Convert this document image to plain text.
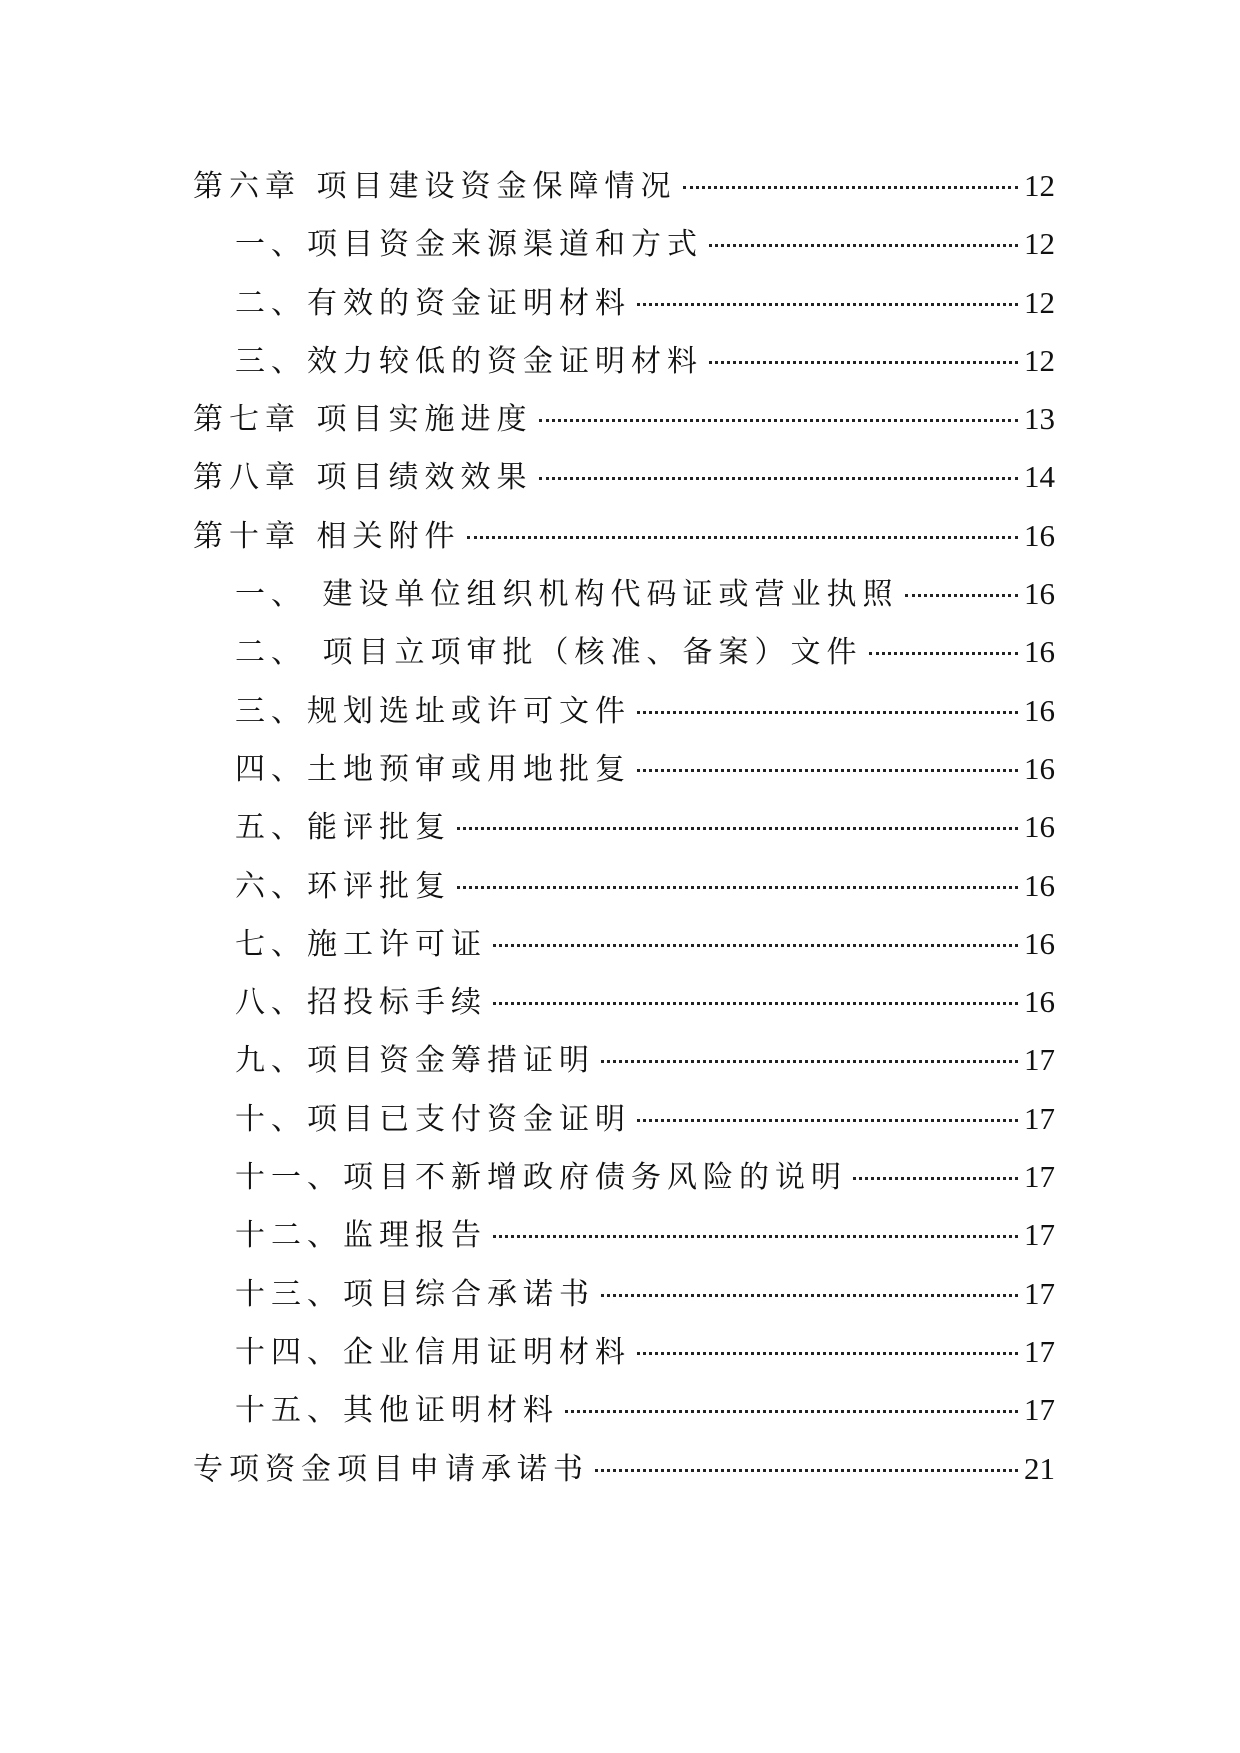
第六章 项目建设资金保障情况	12
一、项目资金来源渠道和方式	12
二、有效的资金证明材料	12
三、效力较低的资金证明材料	12
第七章 项目实施进度	13
第八章 项目绩效效果	14
第十章 相关附件	16
一、 建设单位组织机构代码证或营业执照	16
二、 项目立项审批（核准、备案）文件	16
三、规划选址或许可文件	16
四、土地预审或用地批复	16
五、能评批复	16
六、环评批复	16
七、施工许可证	16
八、招投标手续	16
九、项目资金筹措证明	17
十、项目已支付资金证明	17
十一、项目不新增政府债务风险的说明	17
十二、监理报告	17
十三、项目综合承诺书	17
十四、企业信用证明材料	17
十五、其他证明材料	17
专项资金项目申请承诺书	21
